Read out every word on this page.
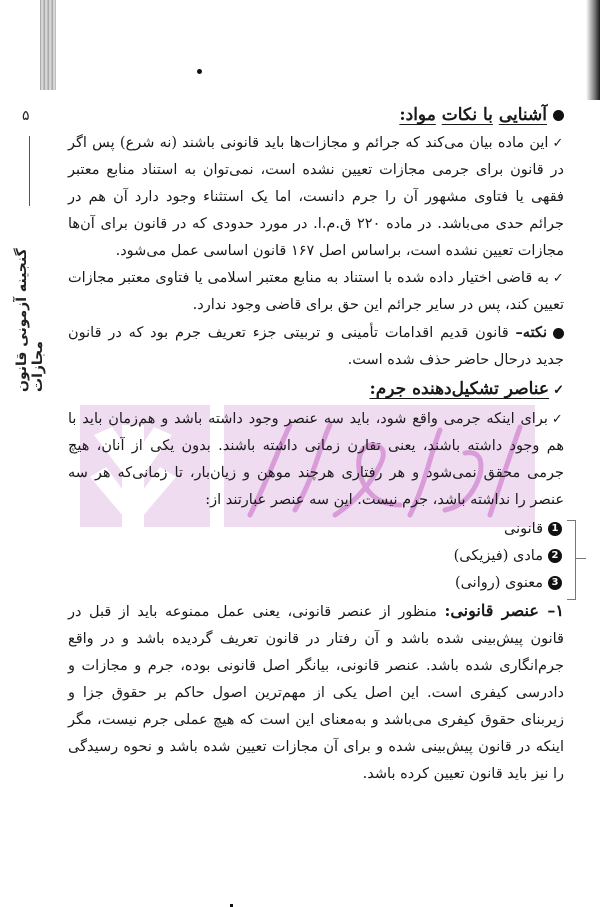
۵
گنجینه آزمونی قانون مجازات

آشنایی با نکات مواد:

✓این ماده بیان می‌کند که جرائم و مجازات‌ها باید قانونی باشند (نه شرع) پس اگر در قانون برای جرمی مجازات تعیین نشده است، نمی‌توان به استناد منابع معتبر فقهی یا فتاوی مشهور آن را جرم دانست، اما یک استثناء وجود دارد آن هم در جرائم حدی می‌باشد. در ماده ۲۲۰ ق.م.ا. در مورد حدودی که در قانون برای آن‌ها مجازات تعیین نشده است، براساس اصل ۱۶۷ قانون اساسی عمل می‌شود.

✓به قاضی اختیار داده شده با استناد به منابع معتبر اسلامی یا فتاوی معتبر مجازات تعیین کند، پس در سایر جرائم این حق برای قاضی وجود ندارد.

نکته– قانون قدیم اقدامات تأمینی و تربیتی جزء تعریف جرم بود که در قانون جدید درحال حاضر حذف شده است.

✓عناصر تشکیل‌دهنده جرم:

✓برای اینکه جرمی واقع شود، باید سه عنصر وجود داشته باشد و هم‌زمان باید با هم وجود داشته باشند، یعنی تقارن زمانی داشته باشند. بدون یکی از آنان، هیچ جرمی محقق نمی‌شود و هر رفتاری هرچند موهن و زیان‌بار، تا زمانی‌که هر سه عنصر را نداشته باشد، جرم نیست. این سه عنصر عبارتند از:

1قانونی
2مادی (فیزیکی)
3معنوی (روانی)

۱– عنصر قانونی: منظور از عنصر قانونی، یعنی عمل ممنوعه باید از قبل در قانون پیش‌بینی شده باشد و آن رفتار در قانون تعریف گردیده باشد و در واقع جرم‌انگاری شده باشد. عنصر قانونی، بیانگر اصل قانونی بوده، جرم و مجازات و دادرسی کیفری است. این اصل یکی از مهم‌ترین اصول حاکم بر حقوق جزا و زیربنای حقوق کیفری می‌باشد و به‌معنای این است که هیچ عملی جرم نیست، مگر اینکه در قانون پیش‌بینی شده و برای آن مجازات تعیین شده باشد و نحوه رسیدگی را نیز باید قانون تعیین کرده باشد.
